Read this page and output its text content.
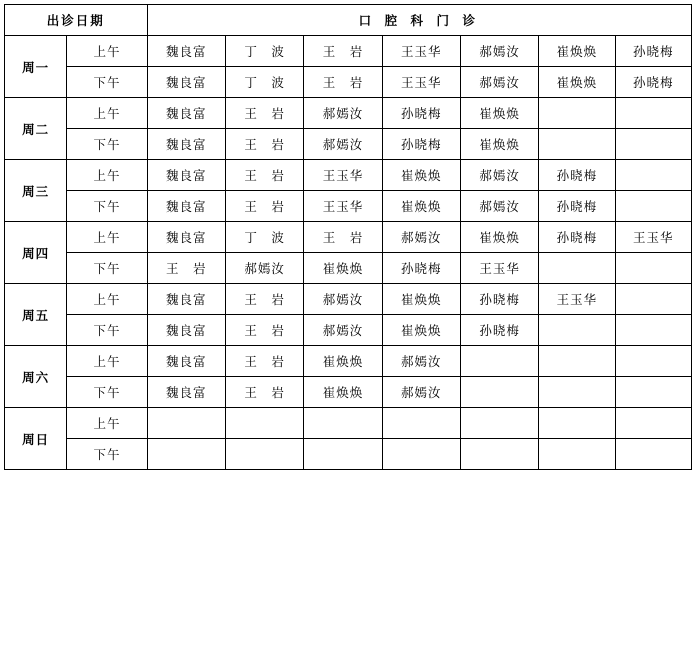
出诊日期		口 腔 科 门 诊						
周一	上午	魏良富	丁　波	王　岩	王玉华	郝嫣汝	崔焕焕	孙晓梅
	下午	魏良富	丁　波	王　岩	王玉华	郝嫣汝	崔焕焕	孙晓梅
周二	上午	魏良富	王　岩	郝嫣汝	孙晓梅	崔焕焕		
	下午	魏良富	王　岩	郝嫣汝	孙晓梅	崔焕焕		
周三	上午	魏良富	王　岩	王玉华	崔焕焕	郝嫣汝	孙晓梅	
	下午	魏良富	王　岩	王玉华	崔焕焕	郝嫣汝	孙晓梅	
周四	上午	魏良富	丁　波	王　岩	郝嫣汝	崔焕焕	孙晓梅	王玉华
	下午	王　岩	郝嫣汝	崔焕焕	孙晓梅	王玉华		
周五	上午	魏良富	王　岩	郝嫣汝	崔焕焕	孙晓梅	王玉华	
	下午	魏良富	王　岩	郝嫣汝	崔焕焕	孙晓梅		
周六	上午	魏良富	王　岩	崔焕焕	郝嫣汝			
	下午	魏良富	王　岩	崔焕焕	郝嫣汝			
周日	上午							
	下午							
